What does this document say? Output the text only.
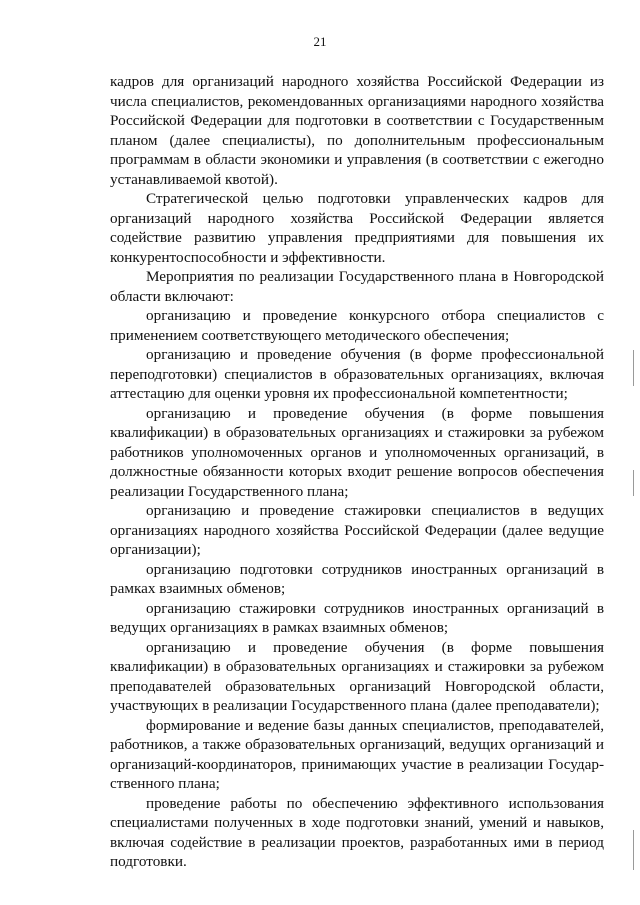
21

кадров для организаций народного хозяйства Российской Федерации из числа специалистов, рекомендованных организациями народного хозяйства Российской Федерации для подготовки в соответствии с Государственным планом (далее специалисты), по дополнительным профессиональным программам в области экономики и управления (в соответствии с ежегодно устанавливаемой квотой).

Стратегической целью подготовки управленческих кадров для организаций народного хозяйства Российской Федерации является содействие развитию управления предприятиями для повышения их конкурентоспособности и эффективности.

Мероприятия по реализации Государственного плана в Новгородской области включают:

организацию и проведение конкурсного отбора специалистов с применением соответствующего методического обеспечения;

организацию и проведение обучения (в форме профессиональной переподготовки) специалистов в образовательных организациях, включая аттестацию для оценки уровня их профессиональной компетентности;

организацию и проведение обучения (в форме повышения квалификации) в образовательных организациях и стажировки за рубежом работников уполномоченных органов и уполномоченных организаций, в должностные обязанности которых входит решение вопросов обеспечения реализации Государственного плана;

организацию и проведение стажировки специалистов в ведущих организациях народного хозяйства Российской Федерации (далее ведущие организации);

организацию подготовки сотрудников иностранных организаций в рамках взаимных обменов;

организацию стажировки сотрудников иностранных организаций в ведущих организациях в рамках взаимных обменов;

организацию и проведение обучения (в форме повышения квалификации) в образовательных организациях и стажировки за рубежом преподавателей образовательных организаций Новгородской области, участвующих в реализации Государственного плана (далее преподаватели);

формирование и ведение базы данных специалистов, преподавателей, работников, а также образовательных организаций, ведущих организаций и организаций-координаторов, принимающих участие в реализации Государственного плана;

проведение работы по обеспечению эффективного использования специалистами полученных в ходе подготовки знаний, умений и навыков, включая содействие в реализации проектов, разработанных ими в период подготовки.
